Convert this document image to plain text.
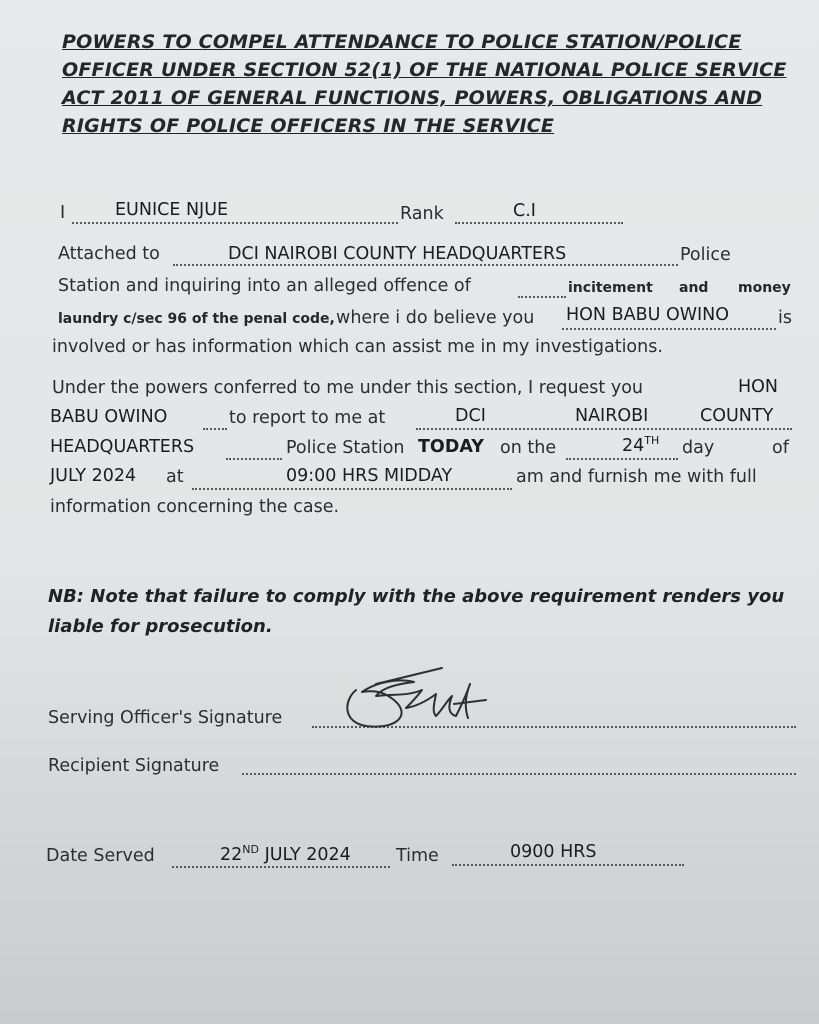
POWERS TO COMPEL ATTENDANCE TO POLICE STATION/POLICE OFFICER UNDER SECTION 52(1) OF THE NATIONAL POLICE SERVICE ACT 2011 OF GENERAL FUNCTIONS, POWERS, OBLIGATIONS AND RIGHTS OF POLICE OFFICERS IN THE SERVICE
I	EUNICE NJUE	Rank	C.I
Attached to	DCI NAIROBI COUNTY HEADQUARTERS	Police
Station and inquiring into an alleged offence of	incitement and money
laundry c/sec 96 of the penal code, where i do believe you HON BABU OWINO	is
involved or has information which can assist me in my investigations.
Under the powers conferred to me under this section, I request you	HON
BABU OWINO	to report to me at	DCI	NAIROBI	COUNTY
HEADQUARTERS	Police Station TODAY on the	24TH day	of
JULY 2024 at	09:00 HRS MIDDAY	am and furnish me with full
information concerning the case.
NB: Note that failure to comply with the above requirement renders you liable for prosecution.
Serving Officer's Signature
Recipient Signature
Date Served	22ND JULY 2024	Time	0900 HRS
